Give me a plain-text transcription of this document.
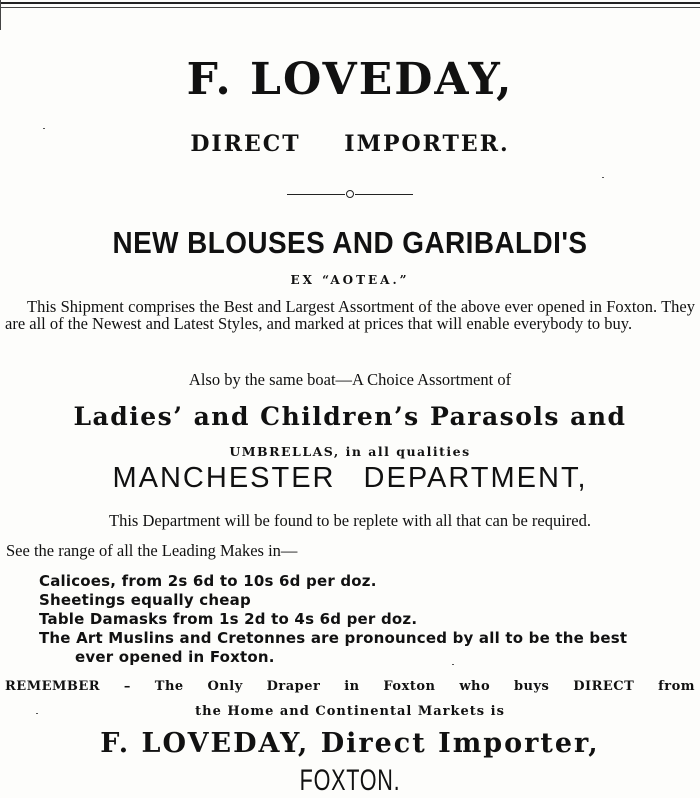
F. LOVEDAY,
DIRECT IMPORTER.
NEW BLOUSES AND GARIBALDI'S
EX “AOTEA.”
This Shipment comprises the Best and Largest Assortment of the above ever opened in Foxton. They are all of the Newest and Latest Styles, and marked at prices that will enable everybody to buy.
Also by the same boat—A Choice Assortment of
Ladies’ and Children’s Parasols and
UMBRELLAS, in all qualities
MANCHESTER DEPARTMENT,
This Department will be found to be replete with all that can be required.
See the range of all the Leading Makes in—
Calicoes, from 2s 6d to 10s 6d per doz.
Sheetings equally cheap
Table Damasks from 1s 2d to 4s 6d per doz.
The Art Muslins and Cretonnes are pronounced by all to be the best
ever opened in Foxton.
REMEMBER – The Only Draper in Foxton who buys DIRECT from
the Home and Continental Markets is
F. LOVEDAY, Direct Importer,
FOXTON.
